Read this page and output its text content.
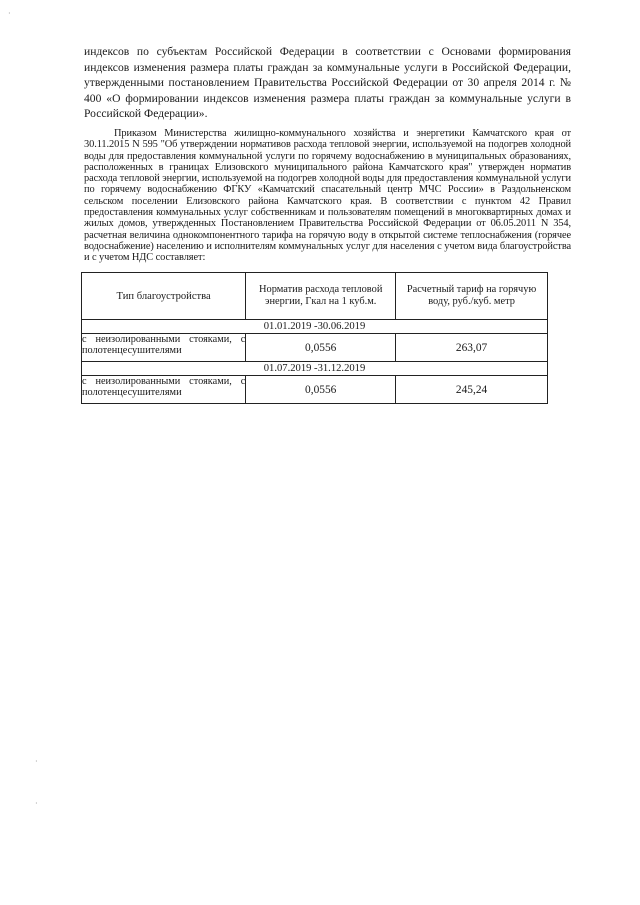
индексов по субъектам Российской Федерации в соответствии с Основами формирования индексов изменения размера платы граждан за коммунальные услуги в Российской Федерации, утвержденными постановлением Правительства Российской Федерации от 30 апреля 2014 г. № 400 «О формировании индексов изменения размера платы граждан за коммунальные услуги в Российской Федерации».

Приказом Министерства жилищно-коммунального хозяйства и энергетики Камчатского края от 30.11.2015 N 595 "Об утверждении нормативов расхода тепловой энергии, используемой на подогрев холодной воды для предоставления коммунальной услуги по горячему водоснабжению в муниципальных образованиях, расположенных в границах Елизовского муниципального района Камчатского края" утвержден норматив расхода тепловой энергии, используемой на подогрев холодной воды для предоставления коммунальной услуги по горячему водоснабжению ФГКУ «Камчатский спасательный центр МЧС России» в Раздольненском сельском поселении Елизовского района Камчатского края. В соответствии с пунктом 42 Правил предоставления коммунальных услуг собственникам и пользователям помещений в многоквартирных домах и жилых домов, утвержденных Постановлением Правительства Российской Федерации от 06.05.2011 N 354, расчетная величина однокомпонентного тарифа на горячую воду в открытой системе теплоснабжения (горячее водоснабжение) населению и исполнителям коммунальных услуг для населения с учетом вида благоустройства и с учетом НДС составляет:

Тип благоустройства	Норматив расхода тепловой энергии, Гкал на 1 куб.м.	Расчетный тариф на горячую воду, руб./куб. метр
01.01.2019 -30.06.2019		
с неизолированными стояками, с полотенцесушителями	0,0556	263,07
01.07.2019 -31.12.2019		
с неизолированными стояками, с полотенцесушителями	0,0556	245,24
·
·
·
